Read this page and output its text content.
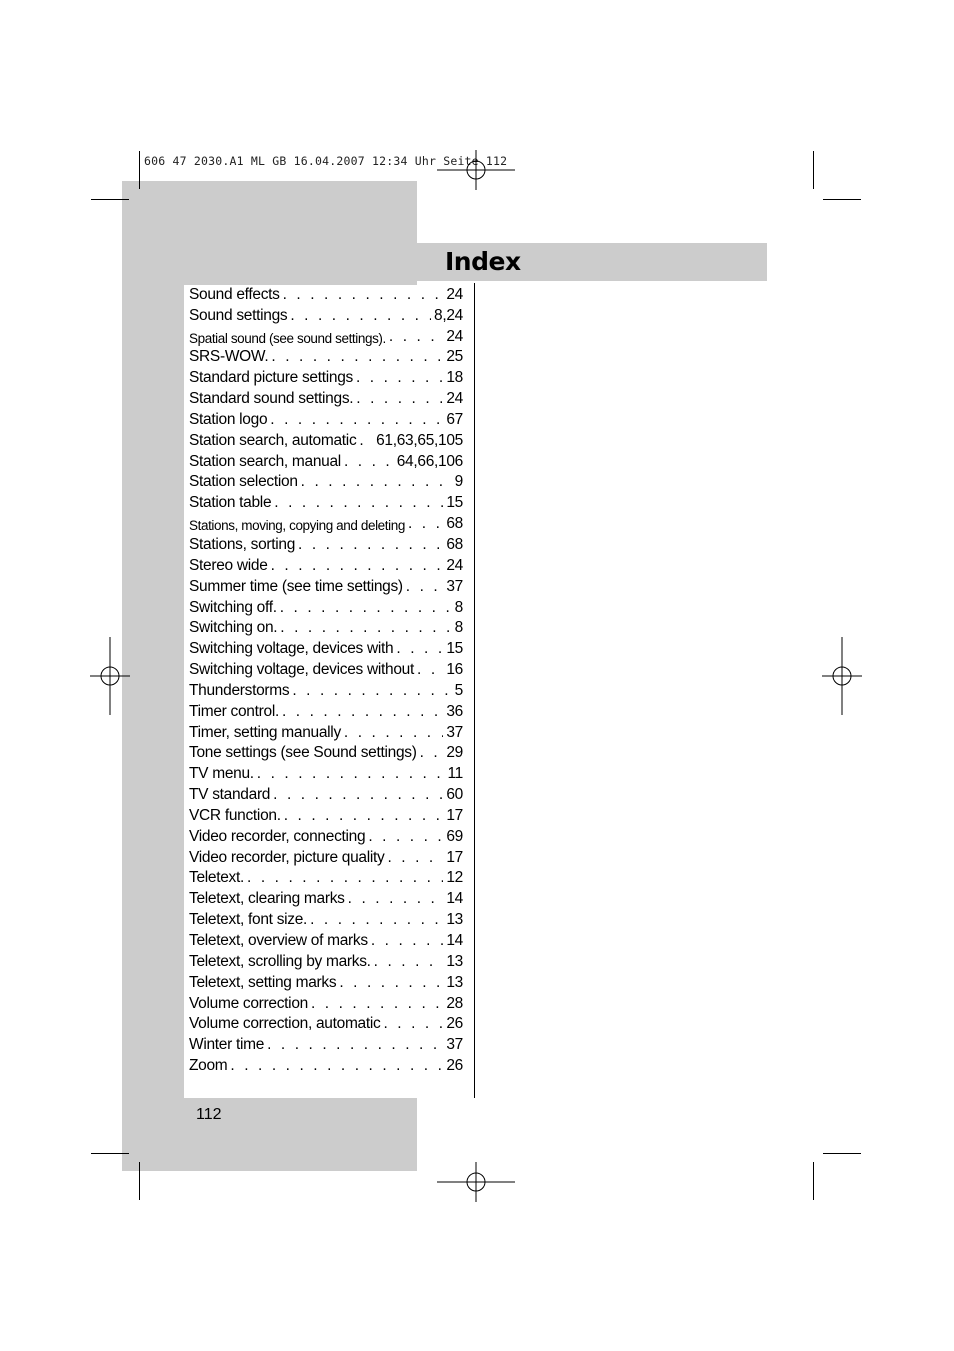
606 47 2030.A1 ML GB 16.04.2007 12:34 Uhr Seite 112
Index
Sound effects . . .	24
Sound settings . . .	8,24
Spatial sound (see sound settings). . . .	24
SRS-WOW. . . .	25
Standard picture settings . . .	18
Standard sound settings. . . .	24
Station logo . . .	67
Station search, automatic . . . 61,63,65,105
Station search, manual . . .	64,66,106
Station selection . . .	9
Station table . . .	15
Stations, moving, copying and deleting . . .	68
Stations, sorting . . .	68
Stereo wide . . .	24
Summer time (see time settings) . . .	37
Switching off. . . .	8
Switching on. . . .	8
Switching voltage, devices with . . .	15
Switching voltage, devices without . . . 16
Thunderstorms . . .	5
Timer control. . . .	36
Timer, setting manually . . .	37
Tone settings (see Sound settings) . . . 29
TV menu. . . .	11
TV standard . . .	60
VCR function. . . .	17
Video recorder, connecting . . .	69
Video recorder, picture quality . . .	17
Teletext. . . .	12
Teletext, clearing marks . . .	14
Teletext, font size. . . .	13
Teletext, overview of marks . . .	14
Teletext, scrolling by marks. . . .	13
Teletext, setting marks . . .	13
Volume correction . . .	28
Volume correction, automatic . . .	26
Winter time . . .	37
Zoom . . .	26
112
